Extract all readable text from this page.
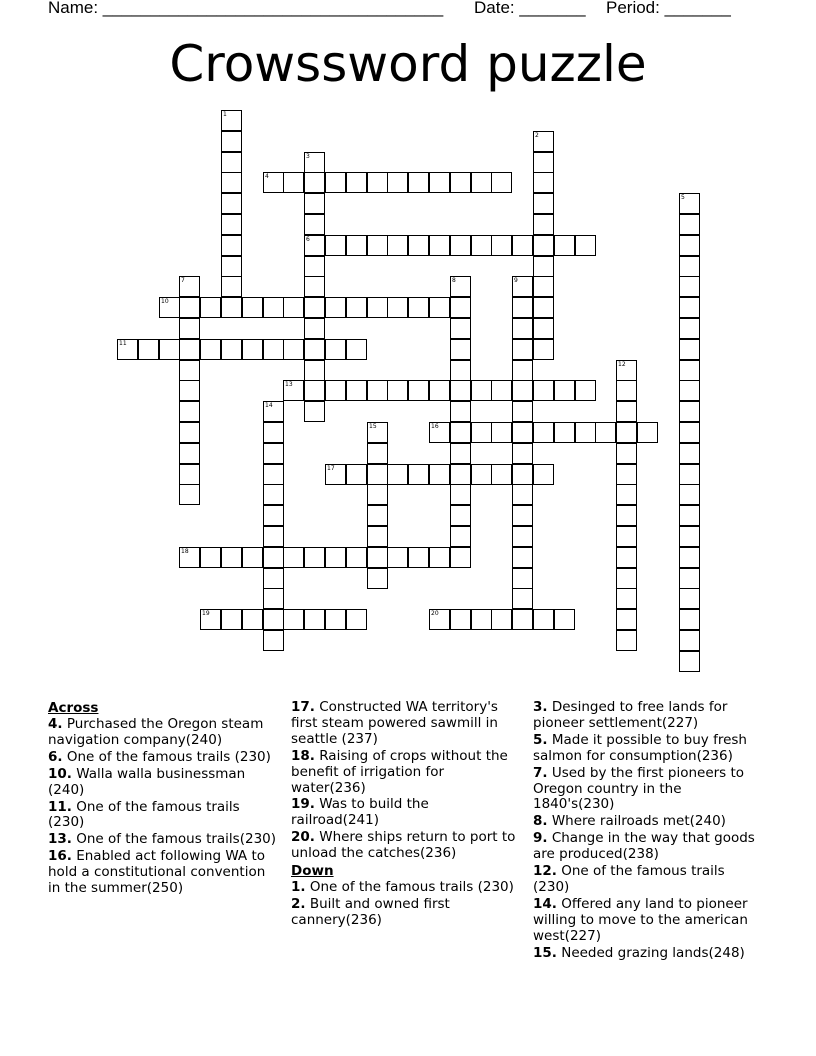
Name: ____________________________________ Date: _______ Period: _______
Crowssword puzzle
1
2
3
6
4
5
7	8	9
10
11
12
13
14
15	16
17
18
19	20
Across
4. Purchased the Oregon steam navigation company(240)
6. One of the famous trails (230)
10. Walla walla businessman (240)
11. One of the famous trails (230)
13. One of the famous trails(230)
16. Enabled act following WA to hold a constitutional convention in the summer(250)
17. Constructed WA territory's first steam powered sawmill in seattle (237)
18. Raising of crops without the benefit of irrigation for water(236)
19. Was to build the railroad(241)
20. Where ships return to port to unload the catches(236)
Down
1. One of the famous trails (230)
2. Built and owned first cannery(236)
3. Desinged to free lands for pioneer settlement(227)
5. Made it possible to buy fresh salmon for consumption(236)
7. Used by the first pioneers to Oregon country in the 1840's(230)
8. Where railroads met(240)
9. Change in the way that goods are produced(238)
12. One of the famous trails (230)
14. Offered any land to pioneer willing to move to the american west(227)
15. Needed grazing lands(248)
